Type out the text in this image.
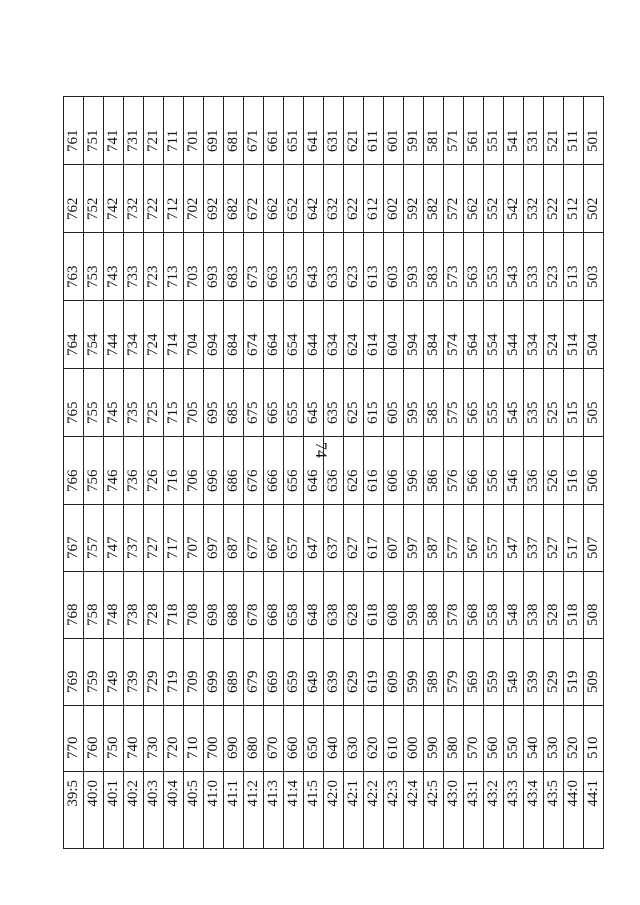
74
39:5	770	769	768	767	766	765	764	763	762	761
40:0	760	759	758	757	756	755	754	753	752	751
40:1	750	749	748	747	746	745	744	743	742	741
40:2	740	739	738	737	736	735	734	733	732	731
40:3	730	729	728	727	726	725	724	723	722	721
40:4	720	719	718	717	716	715	714	713	712	711
40:5	710	709	708	707	706	705	704	703	702	701
41:0	700	699	698	697	696	695	694	693	692	691
41:1	690	689	688	687	686	685	684	683	682	681
41:2	680	679	678	677	676	675	674	673	672	671
41:3	670	669	668	667	666	665	664	663	662	661
41:4	660	659	658	657	656	655	654	653	652	651
41:5	650	649	648	647	646	645	644	643	642	641
42:0	640	639	638	637	636	635	634	633	632	631
42:1	630	629	628	627	626	625	624	623	622	621
42:2	620	619	618	617	616	615	614	613	612	611
42:3	610	609	608	607	606	605	604	603	602	601
42:4	600	599	598	597	596	595	594	593	592	591
42:5	590	589	588	587	586	585	584	583	582	581
43:0	580	579	578	577	576	575	574	573	572	571
43:1	570	569	568	567	566	565	564	563	562	561
43:2	560	559	558	557	556	555	554	553	552	551
43:3	550	549	548	547	546	545	544	543	542	541
43:4	540	539	538	537	536	535	534	533	532	531
43:5	530	529	528	527	526	525	524	523	522	521
44:0	520	519	518	517	516	515	514	513	512	511
44:1	510	509	508	507	506	505	504	503	502	501
